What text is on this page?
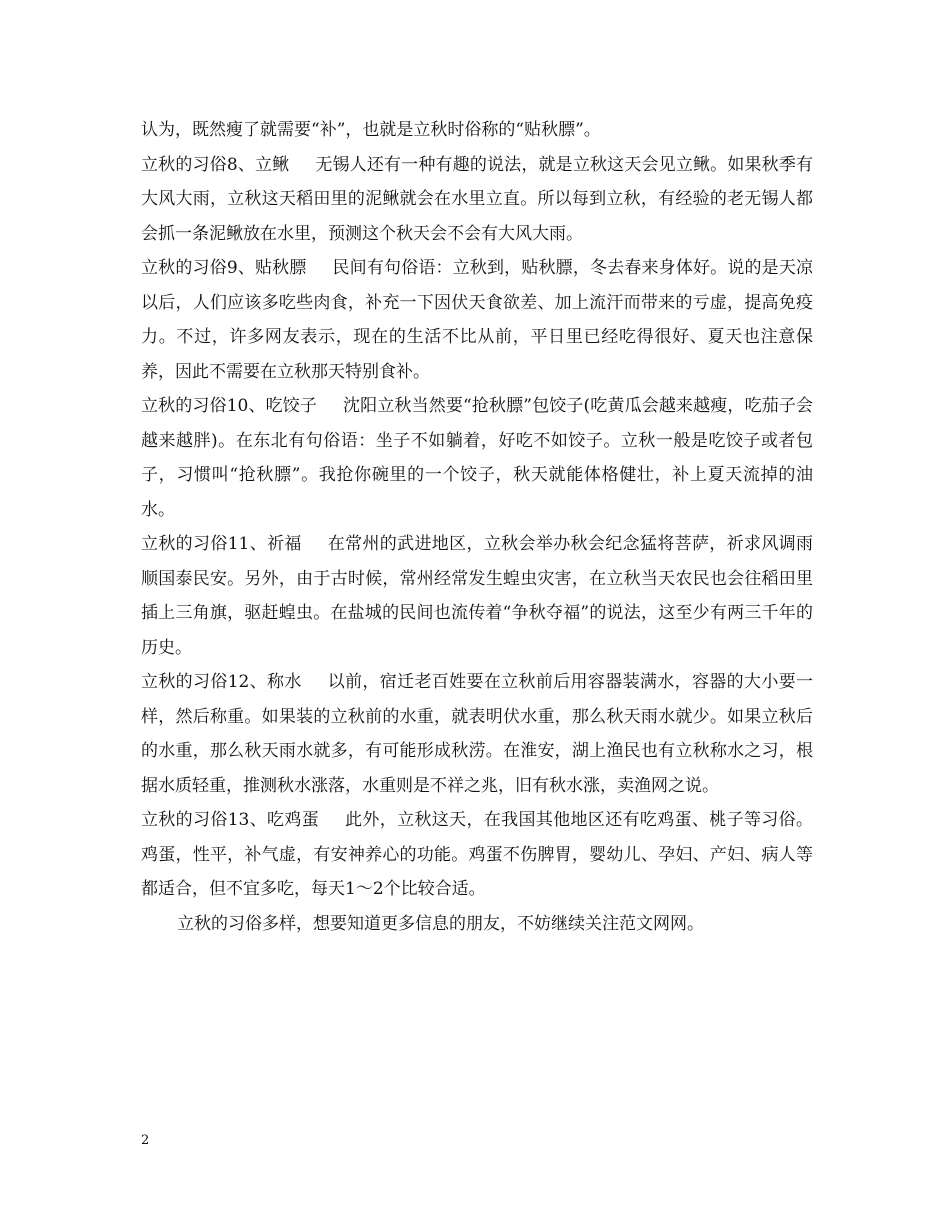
认为，既然瘦了就需要“补”，也就是立秋时俗称的“贴秋膘”。

立秋的习俗8、立鳅 无锡人还有一种有趣的说法，就是立秋这天会见立鳅。如果秋季有大风大雨，立秋这天稻田里的泥鳅就会在水里立直。所以每到立秋，有经验的老无锡人都会抓一条泥鳅放在水里，预测这个秋天会不会有大风大雨。

立秋的习俗9、贴秋膘 民间有句俗语：立秋到，贴秋膘，冬去春来身体好。说的是天凉以后，人们应该多吃些肉食，补充一下因伏天食欲差、加上流汗而带来的亏虚，提高免疫力。不过，许多网友表示，现在的生活不比从前，平日里已经吃得很好、夏天也注意保养，因此不需要在立秋那天特别食补。

立秋的习俗10、吃饺子 沈阳立秋当然要“抢秋膘”包饺子(吃黄瓜会越来越瘦，吃茄子会越来越胖)。在东北有句俗语：坐子不如躺着，好吃不如饺子。立秋一般是吃饺子或者包子，习惯叫“抢秋膘”。我抢你碗里的一个饺子，秋天就能体格健壮，补上夏天流掉的油水。

立秋的习俗11、祈福 在常州的武进地区，立秋会举办秋会纪念猛将菩萨，祈求风调雨顺国泰民安。另外，由于古时候，常州经常发生蝗虫灾害，在立秋当天农民也会往稻田里插上三角旗，驱赶蝗虫。在盐城的民间也流传着“争秋夺福”的说法，这至少有两三千年的历史。

立秋的习俗12、称水 以前，宿迁老百姓要在立秋前后用容器装满水，容器的大小要一样，然后称重。如果装的立秋前的水重，就表明伏水重，那么秋天雨水就少。如果立秋后的水重，那么秋天雨水就多，有可能形成秋涝。在淮安，湖上渔民也有立秋称水之习，根据水质轻重，推测秋水涨落，水重则是不祥之兆，旧有秋水涨，卖渔网之说。

立秋的习俗13、吃鸡蛋 此外，立秋这天，在我国其他地区还有吃鸡蛋、桃子等习俗。鸡蛋，性平，补气虚，有安神养心的功能。鸡蛋不伤脾胃，婴幼儿、孕妇、产妇、病人等都适合，但不宜多吃，每天1～2个比较合适。

立秋的习俗多样，想要知道更多信息的朋友，不妨继续关注范文网网。

2
